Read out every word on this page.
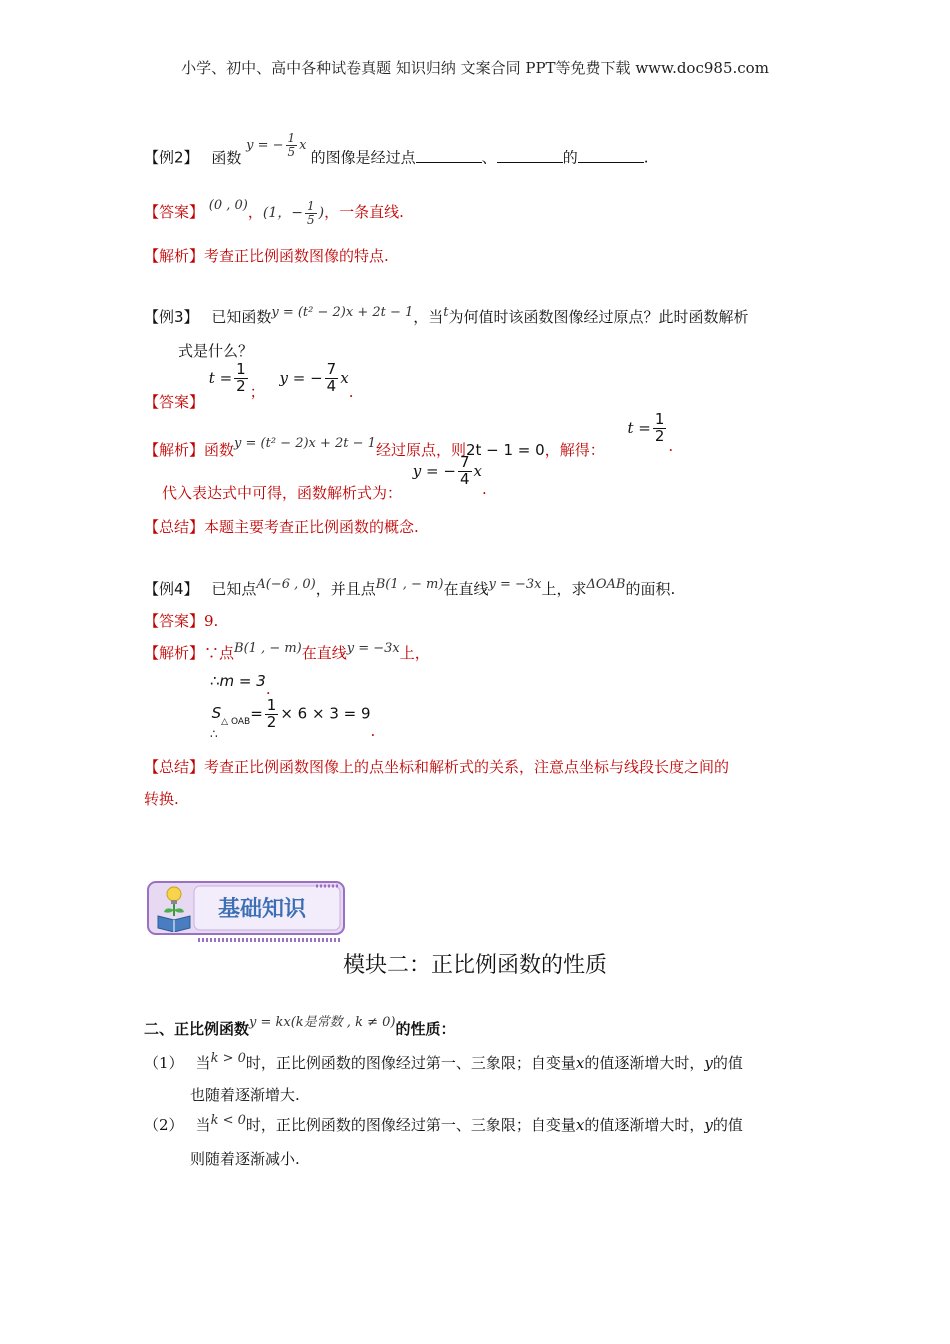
小学、初中、高中各种试卷真题 知识归纳 文案合同 PPT等免费下载 www.doc985.com
【例2】 函数 y = − $\frac{1}{5}$ x 的图像是经过点	、	的	.
【答案】 (0 , 0)，(1，− $\frac{1}{5}$ )，一条直线.
【解析】考查正比例函数图像的特点.
【例3】 已知函数y = (t² − 2)x + 2t − 1，当t为何值时该函数图像经过原点？此时函数解析
式是什么？
【答案】 $t = \frac{1}{2}$ ； y = − $\frac{7}{4} x$.
【解析】函数y = (t² − 2)x + 2t − 1经过原点，则2t − 1 = 0，解得： $t = \frac{1}{2}$
.
代入表达式中可得，函数解析式为： y = − $\frac{7}{4} x$.
【总结】本题主要考查正比例函数的概念.
【例4】 已知点A(−6 , 0)，并且点B(1 , − m)在直线y = −3x上，求ΔOAB的面积.
【答案】9.
【解析】∵点B(1 , − m)在直线y = −3x上，
∴m = 3.
$_\therefore S_{\triangle OAB}= \frac{1}{2} \times 6 \times 3 = 9$.
【总结】考查正比例函数图像上的点坐标和解析式的关系，注意点坐标与线段长度之间的
转换.
基础知识
模块二：正比例函数的性质
二、正比例函数y = kx(k是常数 , k ≠ 0)的性质：
（1） 当k > 0时，正比例函数的图像经过第一、三象限；自变量x的值逐渐增大时，y的值
也随着逐渐增大.
（2） 当k < 0时，正比例函数的图像经过第一、三象限；自变量x的值逐渐增大时，y的值
则随着逐渐减小.
